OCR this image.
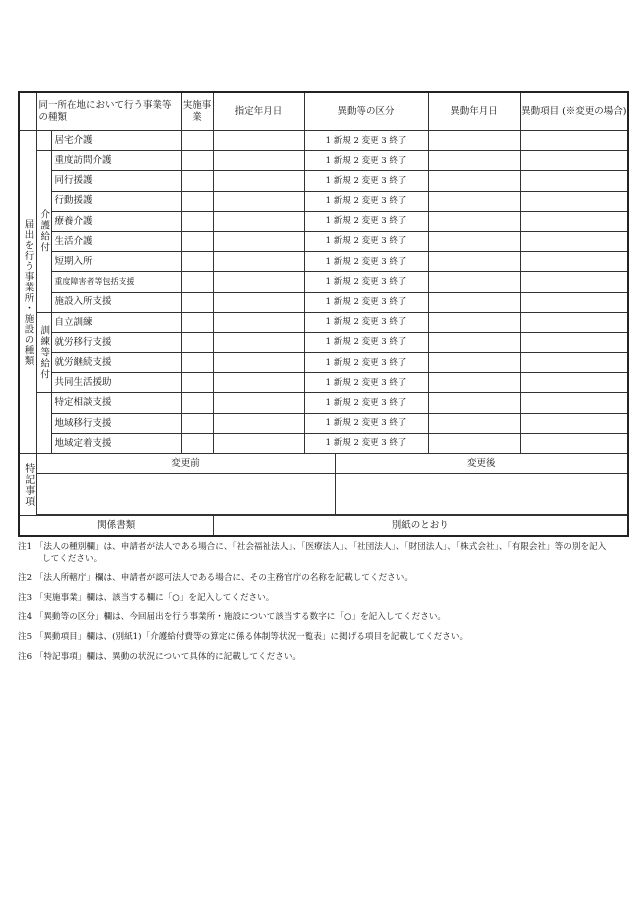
	同一所在地において行う事業等の種類		実施事業	指定年月日	異動等の区分		異動年月日	異動項目 (※変更の場合)
届出を行う事業所・施設の種類		居宅介護			1 新規 2 変更 3 終了			
	介護給付	重度訪問介護			1 新規 2 変更 3 終了			
		同行援護			1 新規 2 変更 3 終了			
		行動援護			1 新規 2 変更 3 終了			
		療養介護			1 新規 2 変更 3 終了			
		生活介護			1 新規 2 変更 3 終了			
		短期入所			1 新規 2 変更 3 終了			
		重度障害者等包括支援			1 新規 2 変更 3 終了			
		施設入所支援			1 新規 2 変更 3 終了			
	訓練等給付	自立訓練			1 新規 2 変更 3 終了			
		就労移行支援			1 新規 2 変更 3 終了			
		就労継続支援			1 新規 2 変更 3 終了			
		共同生活援助			1 新規 2 変更 3 終了			
		特定相談支援			1 新規 2 変更 3 終了			
		地域移行支援			1 新規 2 変更 3 終了			
		地域定着支援			1 新規 2 変更 3 終了			
特記事項	変更前					変更後		

関係書類				別紙のとおり				

注1 「法人の種別欄」は、申請者が法人である場合に、「社会福祉法人」、「医療法人」、「社団法人」、「財団法人」、「株式会社」、「有限会社」等の別を記入してください。

注2 「法人所轄庁」欄は、申請者が認可法人である場合に、その主務官庁の名称を記載してください。

注3 「実施事業」欄は、該当する欄に「○」を記入してください。

注4 「異動等の区分」欄は、今回届出を行う事業所・施設について該当する数字に「○」を記入してください。

注5 「異動項目」欄は、(別紙1)「介護給付費等の算定に係る体制等状況一覧表」に掲げる項目を記載してください。

注6 「特記事項」欄は、異動の状況について具体的に記載してください。
